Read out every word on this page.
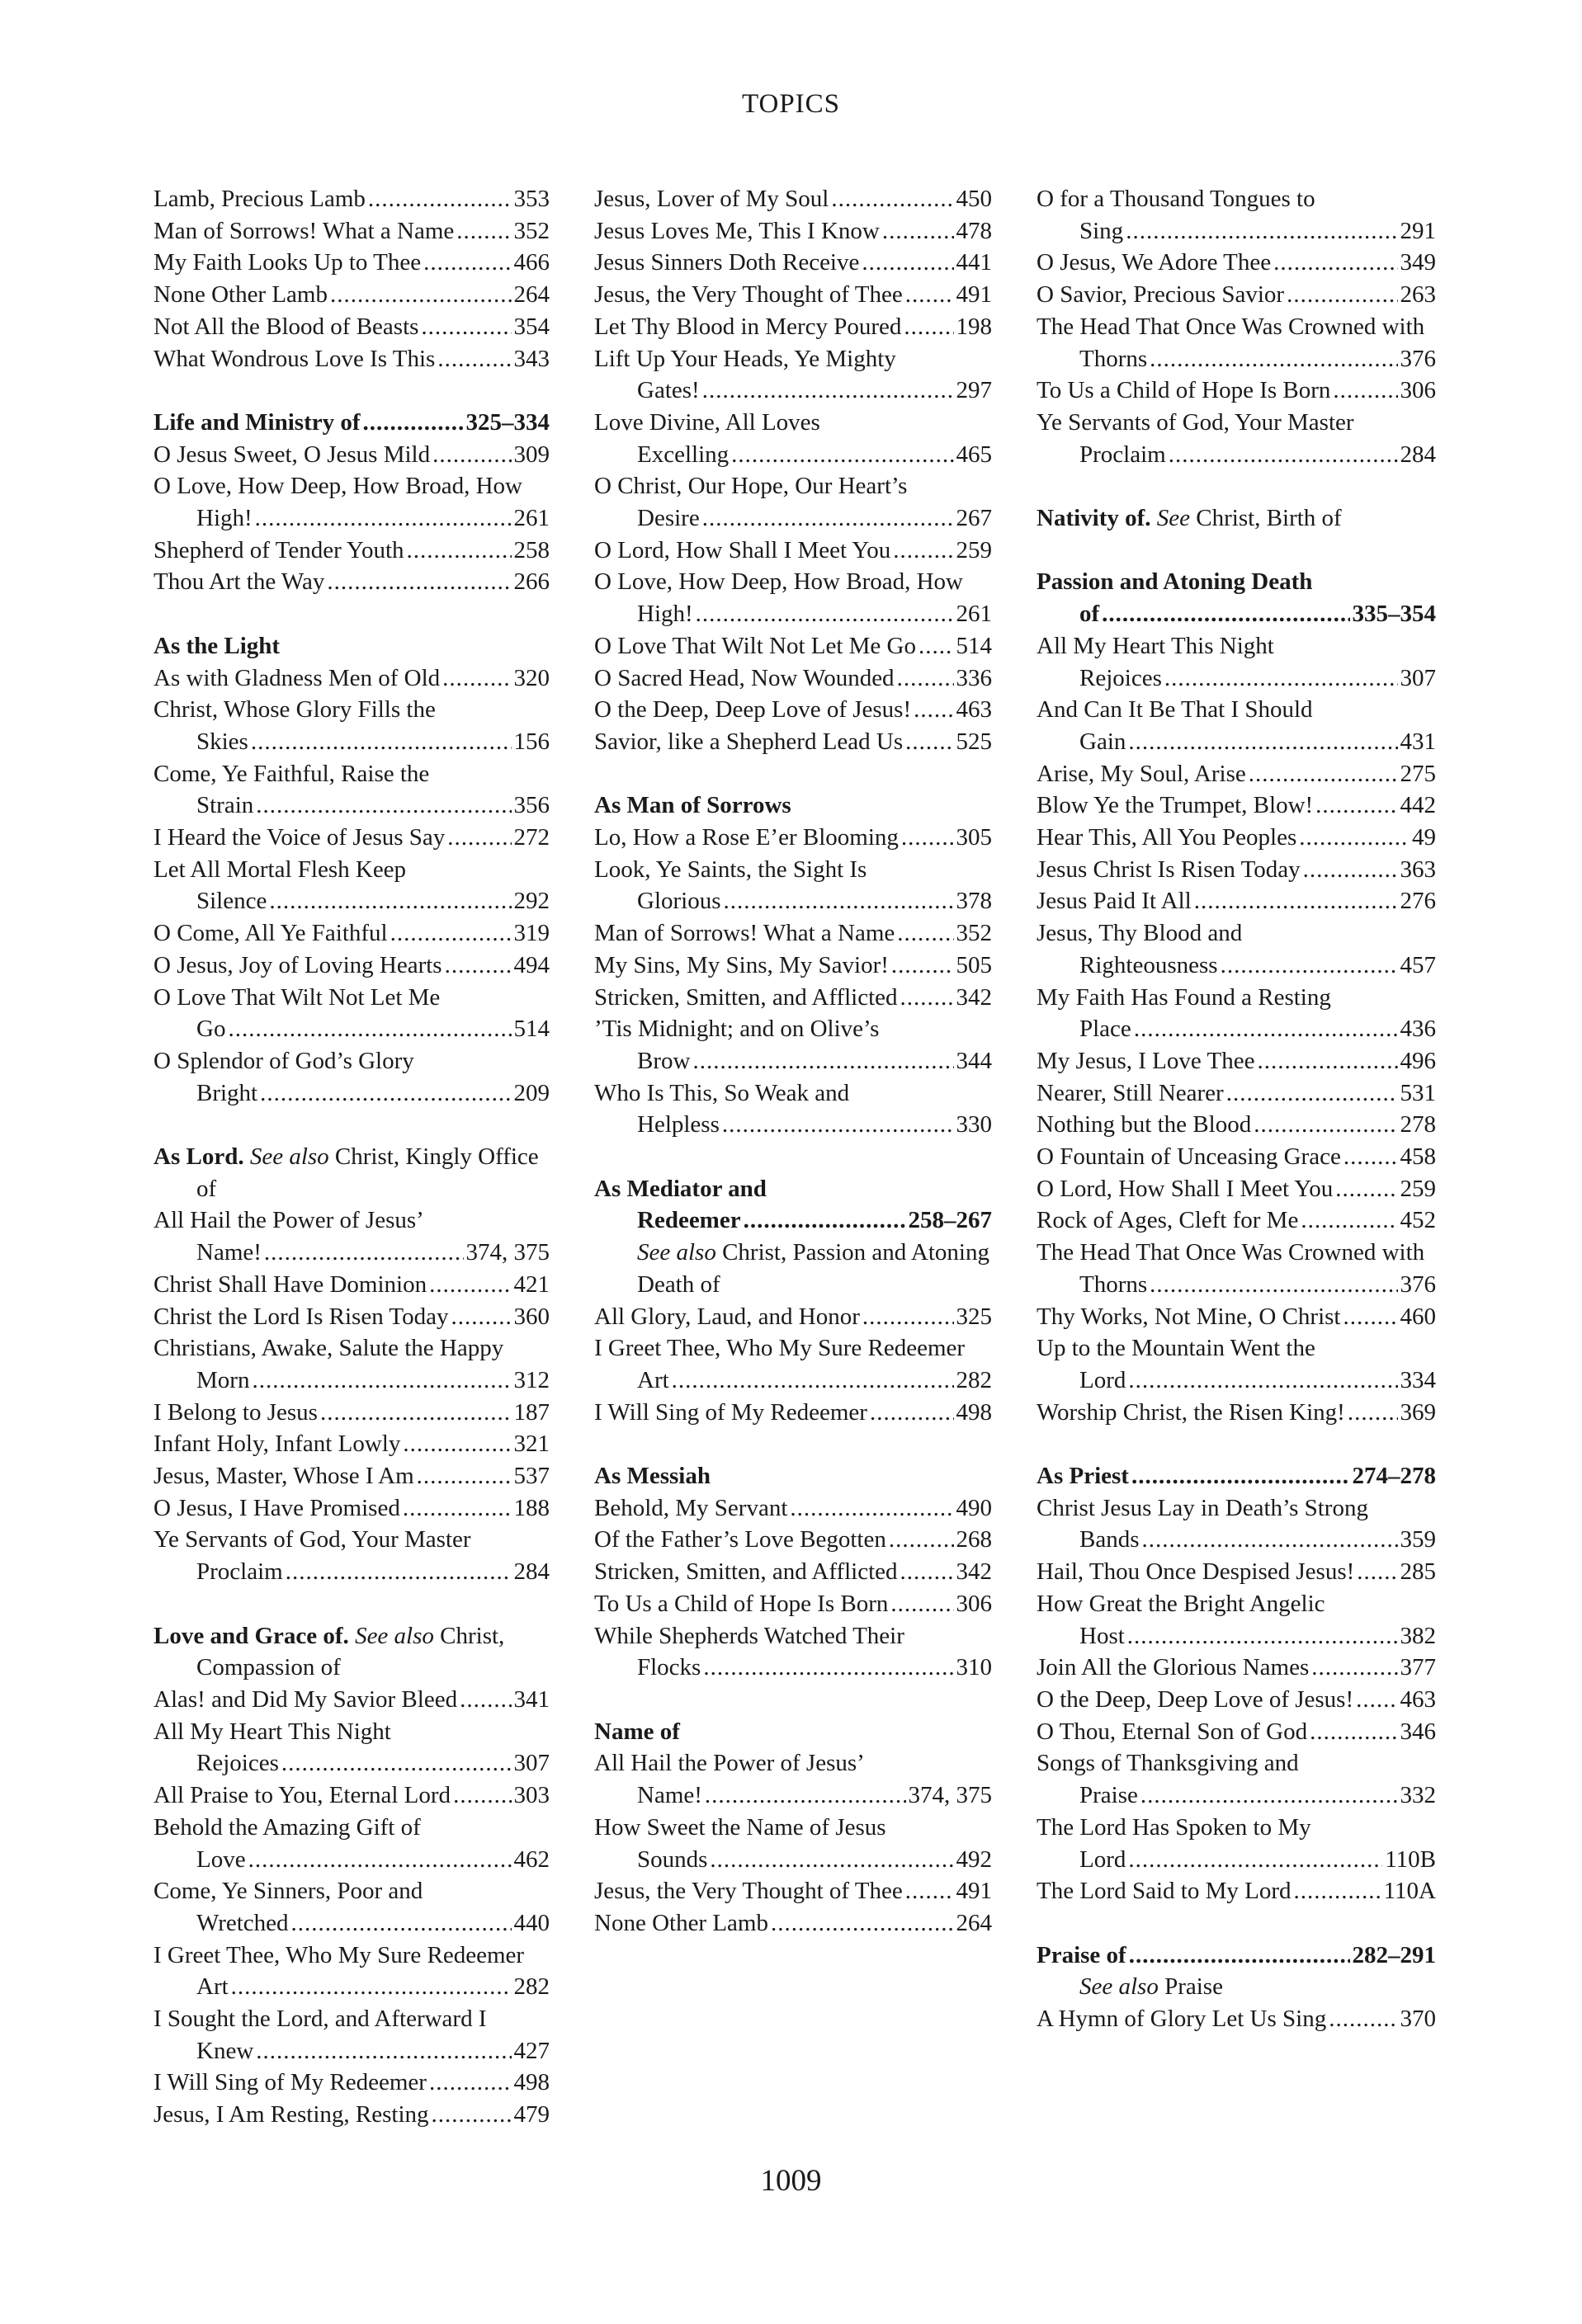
TOPICS
Lamb, Precious Lamb .....	353
Man of Sorrows! What a Name ..... 352
My Faith Looks Up to Thee .....	466
None Other Lamb .....	264
Not All the Blood of Beasts .....	354
What Wondrous Love Is This .....	343
Life and Ministry of .....	325–334
O Jesus Sweet, O Jesus Mild .....	309
O Love, How Deep, How Broad, How
High! .....	261
Shepherd of Tender Youth .....	258
Thou Art the Way .....	266
As the Light
As with Gladness Men of Old .....	320
Christ, Whose Glory Fills the
Skies .....	156
Come, Ye Faithful, Raise the
Strain .....	356
I Heard the Voice of Jesus Say .....	272
Let All Mortal Flesh Keep
Silence .....	292
O Come, All Ye Faithful .....	319
O Jesus, Joy of Loving Hearts .....	494
O Love That Wilt Not Let Me
Go .....	514
O Splendor of God’s Glory
Bright .....	209
As Lord. See also Christ, Kingly Office of
All Hail the Power of Jesus’
Name! .....	374, 375
Christ Shall Have Dominion .....	421
Christ the Lord Is Risen Today .....	360
Christians, Awake, Salute the Happy
Morn .....	312
I Belong to Jesus .....	187
Infant Holy, Infant Lowly .....	321
Jesus, Master, Whose I Am .....	537
O Jesus, I Have Promised .....	188
Ye Servants of God, Your Master
Proclaim .....	284
Love and Grace of. See also Christ, Compassion of
Alas! and Did My Savior Bleed ..... 341
All My Heart This Night
Rejoices .....	307
All Praise to You, Eternal Lord .....	303
Behold the Amazing Gift of
Love .....	462
Come, Ye Sinners, Poor and
Wretched .....	440
I Greet Thee, Who My Sure Redeemer
Art .....	282
I Sought the Lord, and Afterward I
Knew .....	427
I Will Sing of My Redeemer .....	498
Jesus, I Am Resting, Resting .....	479
Jesus, Lover of My Soul .....	450
Jesus Loves Me, This I Know .....	478
Jesus Sinners Doth Receive .....	441
Jesus, the Very Thought of Thee ..... 491
Let Thy Blood in Mercy Poured ..... 198
Lift Up Your Heads, Ye Mighty
Gates! .....	297
Love Divine, All Loves
Excelling .....	465
O Christ, Our Hope, Our Heart’s
Desire .....	267
O Lord, How Shall I Meet You .....	259
O Love, How Deep, How Broad, How
High! .....	261
O Love That Wilt Not Let Me Go ..... 514
O Sacred Head, Now Wounded .....	336
O the Deep, Deep Love of Jesus! ..... 463
Savior, like a Shepherd Lead Us ..... 525
As Man of Sorrows
Lo, How a Rose E’er Blooming ..... 305
Look, Ye Saints, the Sight Is
Glorious .....	378
Man of Sorrows! What a Name .....	352
My Sins, My Sins, My Savior! .....	505
Stricken, Smitten, and Afflicted ..... 342
’Tis Midnight; and on Olive’s
Brow .....	344
Who Is This, So Weak and
Helpless .....	330
As Mediator and
Redeemer .....	258–267
See also Christ, Passion and Atoning Death of
All Glory, Laud, and Honor .....	325
I Greet Thee, Who My Sure Redeemer
Art .....	282
I Will Sing of My Redeemer .....	498
As Messiah
Behold, My Servant .....	490
Of the Father’s Love Begotten .....	268
Stricken, Smitten, and Afflicted ..... 342
To Us a Child of Hope Is Born .....	306
While Shepherds Watched Their
Flocks .....	310
Name of
All Hail the Power of Jesus’
Name! .....	374, 375
How Sweet the Name of Jesus
Sounds .....	492
Jesus, the Very Thought of Thee ..... 491
None Other Lamb .....	264
O for a Thousand Tongues to
Sing .....	291
O Jesus, We Adore Thee .....	349
O Savior, Precious Savior .....	263
The Head That Once Was Crowned with
Thorns .....	376
To Us a Child of Hope Is Born .....	306
Ye Servants of God, Your Master
Proclaim .....	284
Nativity of. See Christ, Birth of
Passion and Atoning Death
of .....	335–354
All My Heart This Night
Rejoices .....	307
And Can It Be That I Should
Gain .....	431
Arise, My Soul, Arise .....	275
Blow Ye the Trumpet, Blow! .....	442
Hear This, All You Peoples .....	49
Jesus Christ Is Risen Today .....	363
Jesus Paid It All .....	276
Jesus, Thy Blood and
Righteousness .....	457
My Faith Has Found a Resting
Place .....	436
My Jesus, I Love Thee .....	496
Nearer, Still Nearer .....	531
Nothing but the Blood .....	278
O Fountain of Unceasing Grace ..... 458
O Lord, How Shall I Meet You .....	259
Rock of Ages, Cleft for Me .....	452
The Head That Once Was Crowned with
Thorns .....	376
Thy Works, Not Mine, O Christ ..... 460
Up to the Mountain Went the
Lord .....	334
Worship Christ, the Risen King! ..... 369
As Priest .....	274–278
Christ Jesus Lay in Death’s Strong
Bands .....	359
Hail, Thou Once Despised Jesus! ..... 285
How Great the Bright Angelic
Host .....	382
Join All the Glorious Names .....	377
O the Deep, Deep Love of Jesus! ..... 463
O Thou, Eternal Son of God .....	346
Songs of Thanksgiving and
Praise .....	332
The Lord Has Spoken to My
Lord .....	110B
The Lord Said to My Lord .....	110A
Praise of .....	282–291
See also Praise
A Hymn of Glory Let Us Sing .....	370
1009
